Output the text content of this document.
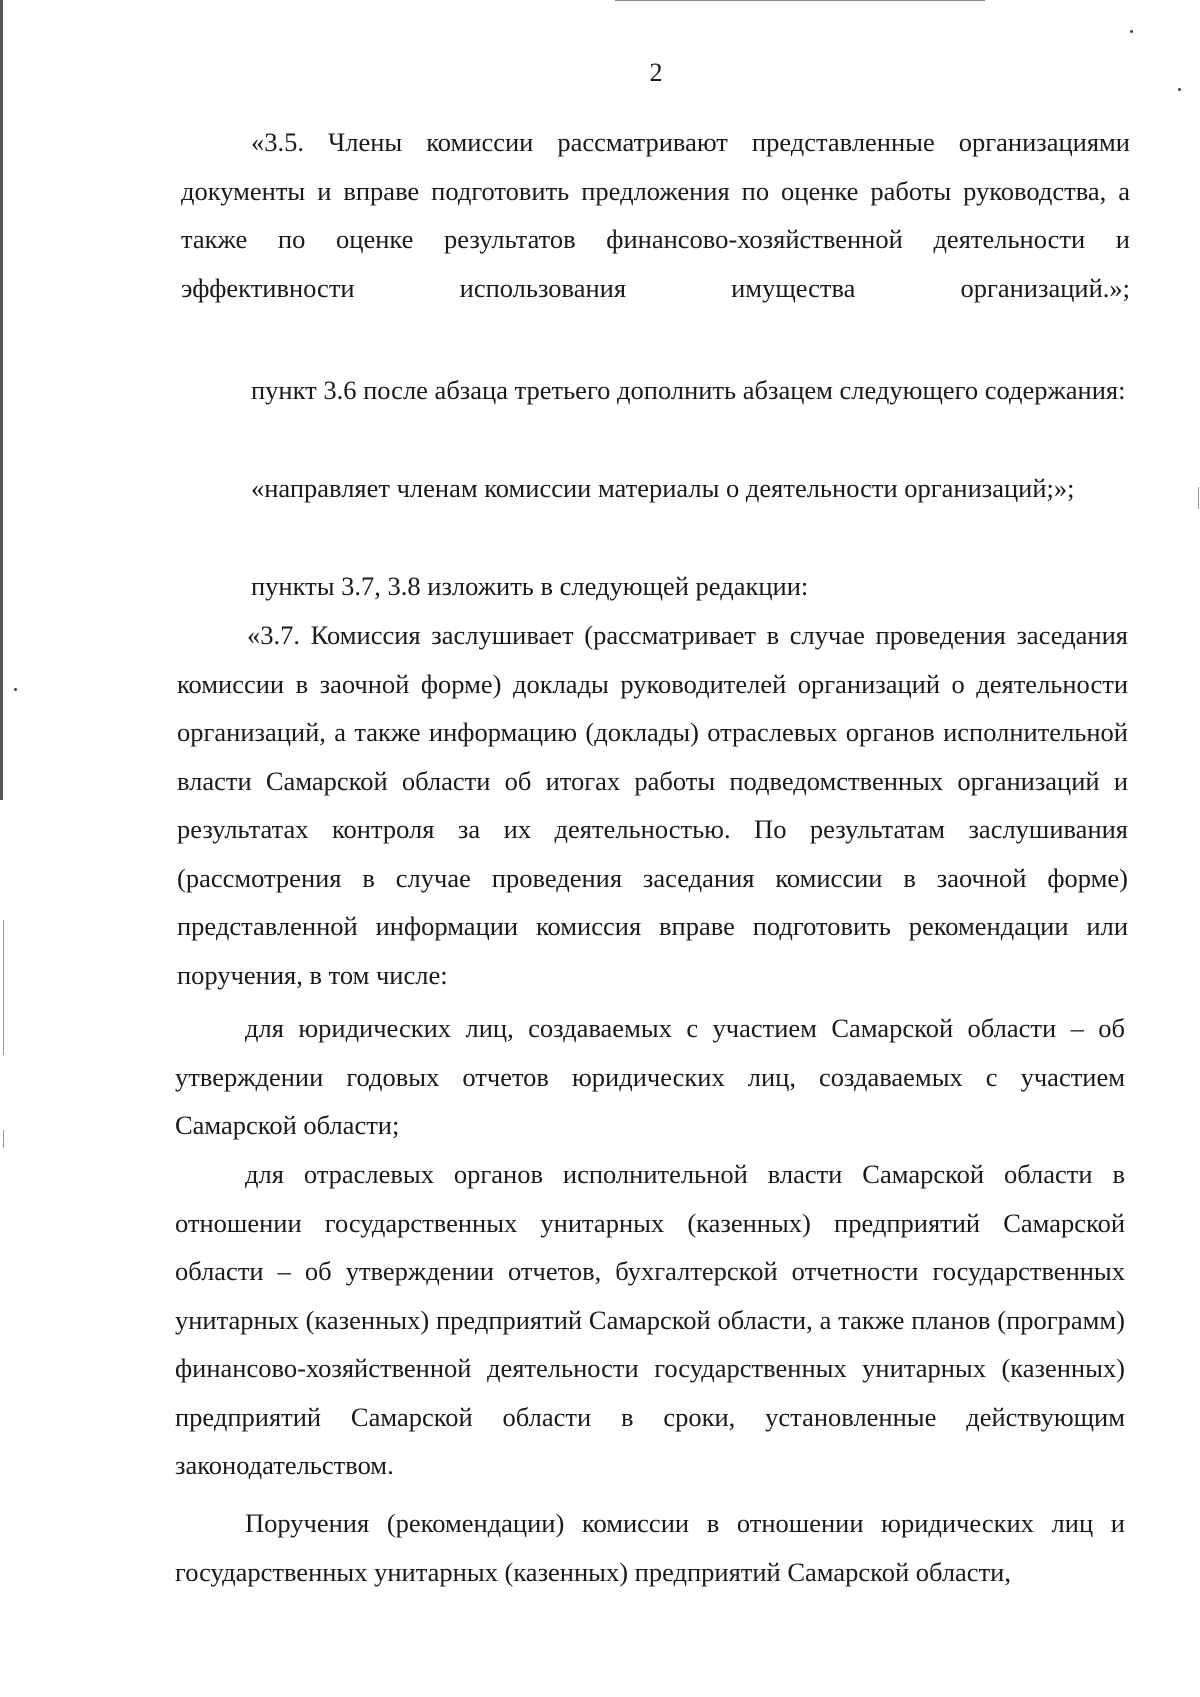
2

«3.5. Члены комиссии рассматривают представленные организациями документы и вправе подготовить предложения по оценке работы руководства, а также по оценке результатов финансово-хозяйственной деятельности и эффективности использования имущества организаций.»;

пункт 3.6 после абзаца третьего дополнить абзацем следующего содержания:

«направляет членам комиссии материалы о деятельности организаций;»;

пункты 3.7, 3.8 изложить в следующей редакции:

«3.7. Комиссия заслушивает (рассматривает в случае проведения заседания комиссии в заочной форме) доклады руководителей организаций о деятельности организаций, а также информацию (доклады) отраслевых органов исполнительной власти Самарской области об итогах работы подведомственных организаций и результатах контроля за их деятельностью. По результатам заслушивания (рассмотрения в случае проведения заседания комиссии в заочной форме) представленной информации комиссия вправе подготовить рекомендации или поручения, в том числе:

для юридических лиц, создаваемых с участием Самарской области – об утверждении годовых отчетов юридических лиц, создаваемых с участием Самарской области;

для отраслевых органов исполнительной власти Самарской области в отношении государственных унитарных (казенных) предприятий Самарской области – об утверждении отчетов, бухгалтерской отчетности государственных унитарных (казенных) предприятий Самарской области, а также планов (программ) финансово-хозяйственной деятельности государственных унитарных (казенных) предприятий Самарской области в сроки, установленные действующим законодательством.

Поручения (рекомендации) комиссии в отношении юридических лиц и государственных унитарных (казенных) предприятий Самарской области,
